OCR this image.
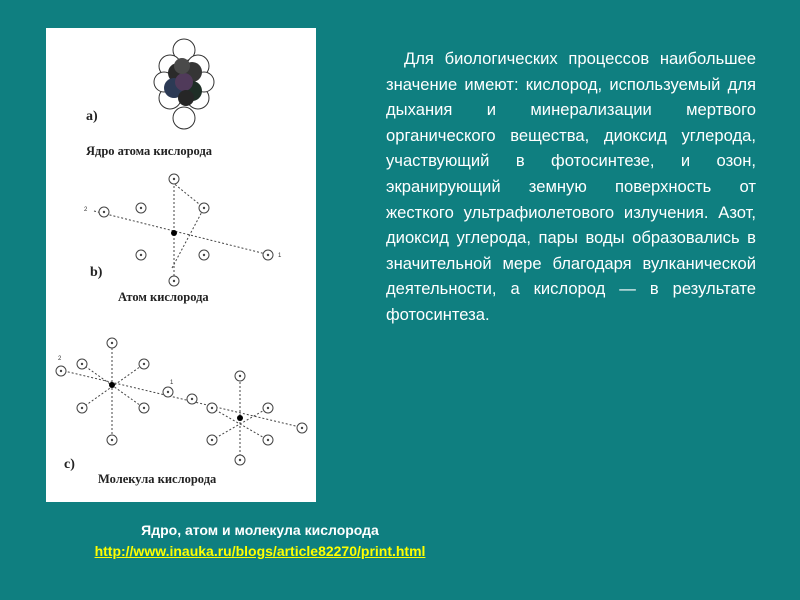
a)
Ядро атома кислорода
2
1
b)
Атом кислорода
2
1
c)
Молекула кислорода

Для биологических процессов наибольшее значение имеют: кислород, используемый для дыхания и минерализации мертвого органического вещества, диоксид углерода, участвующий в фотосинтезе, и озон, экранирующий земную поверхность от жесткого ультрафиолетового излучения. Азот, диоксид углерода, пары воды образовались в значительной мере благодаря вулканической деятельности, а кислород — в результате фотосинтеза.

Ядро, атом и молекула кислорода
http://www.inauka.ru/blogs/article82270/print.html
